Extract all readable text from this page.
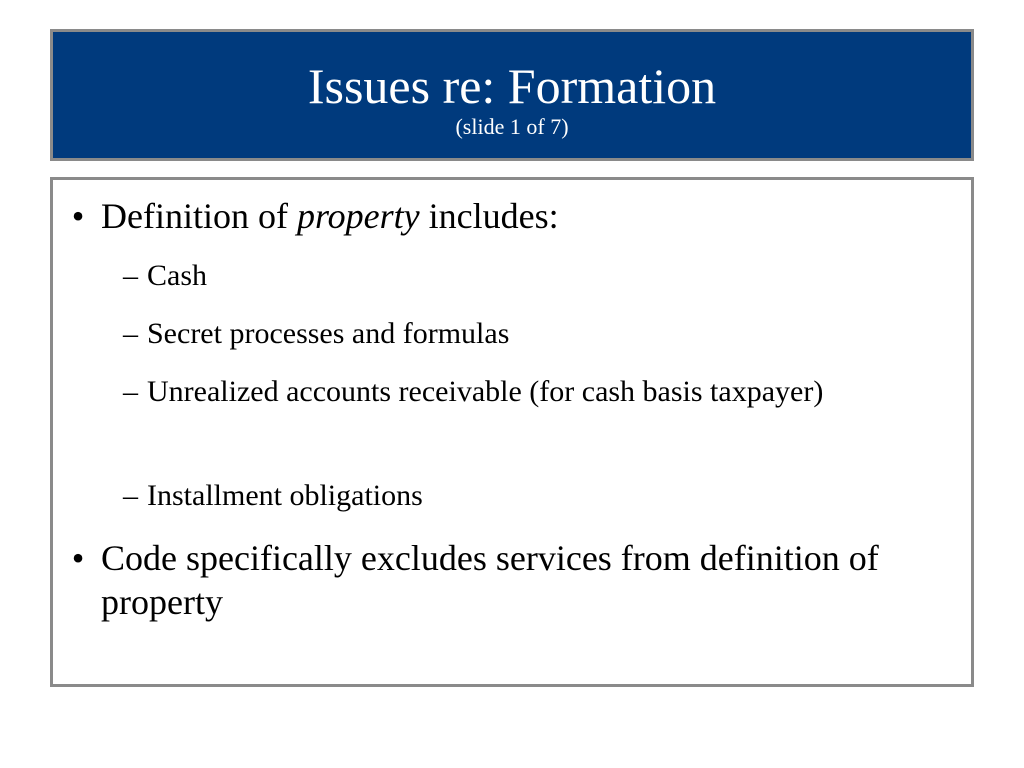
Issues re: Formation
(slide 1 of 7)
• Definition of property includes:
– Cash
– Secret processes and formulas
– Unrealized accounts receivable (for cash basis taxpayer)
– Installment obligations
• Code specifically excludes services from definition of property
